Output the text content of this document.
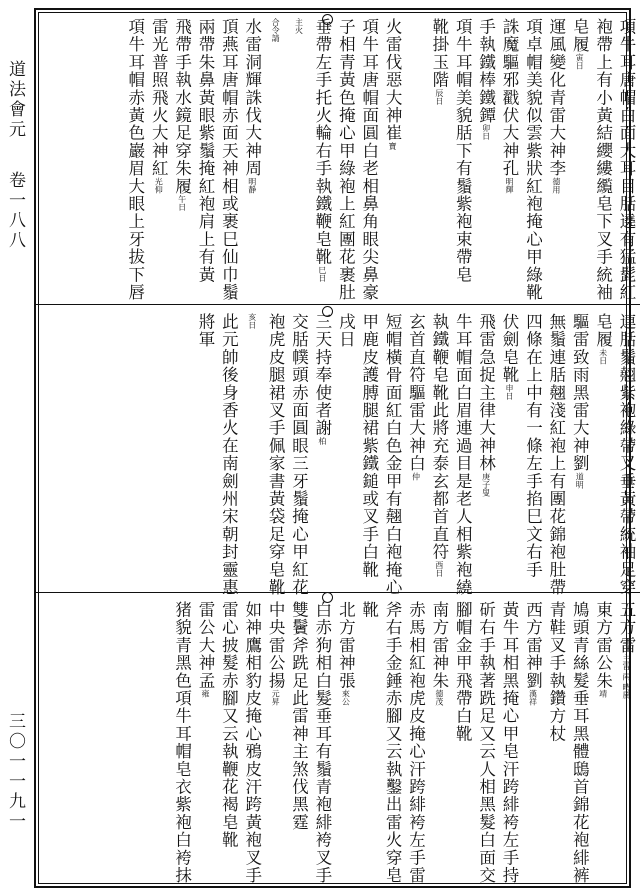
道法會元  卷一八八
三〇一一九一
項牛耳唐帽白面大耳目䏦遶有猛髭紅
袍帶上有小黃結纓縷䌫皂下叉手統袖
皂履寅日
運風變化青雷大神李德用
項卓帽美貌似雲紫狀紅袍掩心甲綠靴
誅魔驅邪戳伏大神孔明輝
手執鐵棒鐵鐔卯日
項牛耳帽美貌䏦下有鬚紫袍束帶皂
靴掛玉階辰日
火雷伐惡大神崔寶
項牛耳唐帽面圓白老相鼻角眼尖鼻豪
子相青黃色掩心甲綠袍上紅團花裹肚
垂帶左手托火輪右手執鐵鞭皂靴巳日
主火
合令請
水雷洞輝誅伐大神周明静
頂燕耳唐帽赤面天神相或裹巳仙巾鬚
兩帶朱鼻黃眼紫鬚掩紅袍肩上有黃
飛帶手執水鏡足穿朱履午日
雷光普照飛火大神紅光仰
項牛耳帽赤黃色巖眉大眼上牙拔下唇
連䏦鬚翹紫袍綠帶叉垂黃帶統袖足穿
皂履未日
驅雷致雨黑雷大神劉道明
無鬚連䏦翹淺紅袍上有團花錦袍肚帶
四條在上中有一條左手掐巳文右手
伏劍皂靴申日
飛雷急捉主律大神林庚子叟
牛耳帽面白眉連過目是老人相紫袍繞
執鐵鞭皂靴此將充泰玄都首直符酉日
玄首直符驅雷大神白仲
短帽橫骨面紅白色金甲有翹白袍掩心
甲鹿皮護膊腿裙紫鐵鎚或叉手白靴
戌日
三天持奉使者謝柏
交䏦幞頭赤面圓眼三牙鬚掩心甲紅花
袍虎皮腿裙叉手佩家書黃袋足穿皂靴
亥日
此元帥後身香火在南劍州宋朝封靈惠
將軍
五方雷主雷 兩 晴風
東方雷公朱靖
鳩頭青絲髮垂耳黑體鴟首錦花袍緋裤
青鞋叉手執鑽方杖
西方雷神劉漢祥
黃牛耳相黑掩心甲皂汗跨緋袴左手持
斫右手執著跣足又云人相黑髮白面交
腳帽金甲飛帶白靴
南方雷神朱德茂
赤馬相紅袍虎皮掩心汗跨緋袴左手雷
斧右手金錘赤腳又云執鑿出雷火穿皂
靴
北方雷神張來公
白赤狗相白髮垂耳有鬚青袍緋袴叉手
雙鬢斧跣足此雷神主煞伐黑霆
中央雷公揚元昇
如神鷹相豹皮掩心鴉皮汗跨黃袍叉手
雷心披髮赤腳又云執鞭花褐皂靴
雷公大神孟雍
猪貌青黑色項牛耳帽皂衣紫袍白袴抹
